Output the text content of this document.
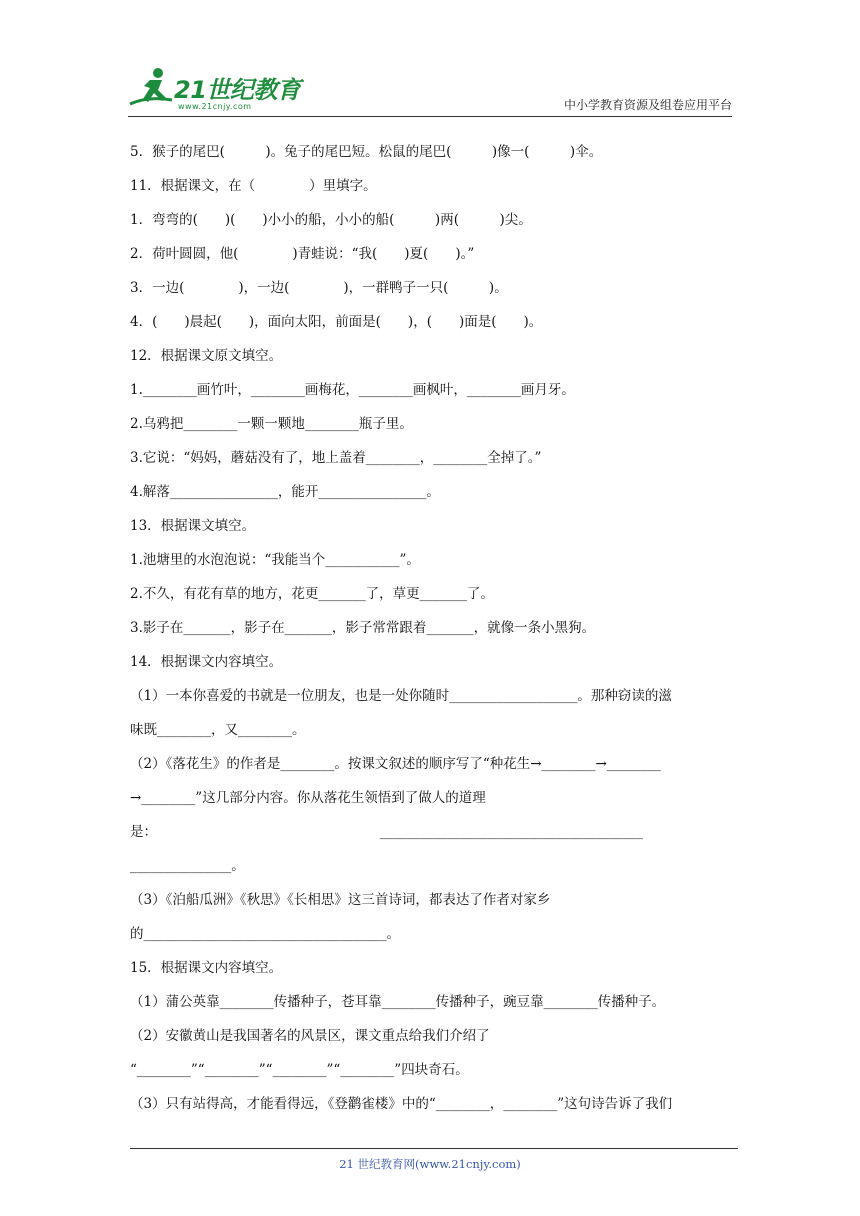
21世纪教育
www.21cnjy.com	中小学教育资源及组卷应用平台
5．猴子的尾巴(　　　)。兔子的尾巴短。松鼠的尾巴(　　　)像一(　　　)伞。
11．根据课文，在（　　　　）里填字。
1．弯弯的(　　)(　　)小小的船，小小的船(　　　)两(　　　)尖。
2．荷叶圆圆，他(　　　　)青蛙说：“我(　　)夏(　　)。”
3．一边(　　　　)，一边(　　　　)，一群鸭子一只(　　　)。
4．(　　)晨起(　　)，面向太阳，前面是(　　)，(　　)面是(　　)。
12．根据课文原文填空。
1.________画竹叶，________画梅花，________画枫叶，________画月牙。
2.乌鸦把________一颗一颗地________瓶子里。
3.它说：“妈妈，蘑菇没有了，地上盖着________，________全掉了。”
4.解落________________，能开________________。
13．根据课文填空。
1.池塘里的水泡泡说：“我能当个___________”。
2.不久，有花有草的地方，花更_______了，草更_______了。
3.影子在_______，影子在_______，影子常常跟着_______，就像一条小黑狗。
14．根据课文内容填空。
（1）一本你喜爱的书就是一位朋友，也是一处你随时___________________。那种窃读的滋
味既________，又________。
（2）《落花生》的作者是________。按课文叙述的顺序写了“种花生→________→________
→________”这几部分内容。你从落花生领悟到了做人的道理
是：　　　　　　　　　　　　　　　　　_______________________________________
_______________。
（3）《泊船瓜洲》《秋思》《长相思》这三首诗词，都表达了作者对家乡
的____________________________________。
15．根据课文内容填空。
（1）蒲公英靠________传播种子，苍耳靠________传播种子，豌豆靠________传播种子。
（2）安徽黄山是我国著名的风景区，课文重点给我们介绍了
“________”“________”“________”“________”四块奇石。
（3）只有站得高，才能看得远，《登鹳雀楼》中的“________，________”这句诗告诉了我们
21 世纪教育网(www.21cnjy.com)
